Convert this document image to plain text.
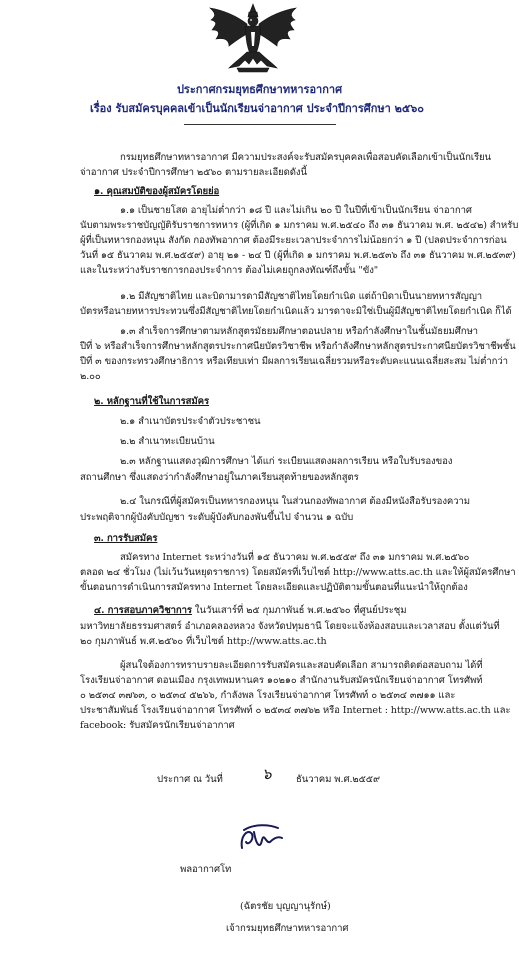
ประกาศกรมยุทธศึกษาทหารอากาศ
เรื่อง รับสมัครบุคคลเข้าเป็นนักเรียนจ่าอากาศ ประจำปีการศึกษา ๒๕๖๐
กรมยุทธศึกษาทหารอากาศ มีความประสงค์จะรับสมัครบุคคลเพื่อสอบคัดเลือกเข้าเป็นนักเรียน
จ่าอากาศ ประจำปีการศึกษา ๒๕๖๐ ตามรายละเอียดดังนี้
๑. คุณสมบัติของผู้สมัครโดยย่อ
๑.๑ เป็นชายโสด อายุไม่ต่ำกว่า ๑๘ ปี และไม่เกิน ๒๐ ปี ในปีที่เข้าเป็นนักเรียน จ่าอากาศ
นับตามพระราชบัญญัติรับราชการทหาร (ผู้ที่เกิด ๑ มกราคม พ.ศ.๒๕๔๐ ถึง ๓๑ ธันวาคม พ.ศ. ๒๕๔๒) สำหรับ
ผู้ที่เป็นทหารกองหนุน สังกัด กองทัพอากาศ ต้องมีระยะเวลาประจำการไม่น้อยกว่า ๑ ปี (ปลดประจำการก่อน
วันที่ ๑๕ ธันวาคม พ.ศ.๒๕๕๙) อายุ ๒๑ - ๒๔ ปี (ผู้ที่เกิด ๑ มกราคม พ.ศ.๒๕๓๖ ถึง ๓๑ ธันวาคม พ.ศ.๒๕๓๙)
และในระหว่างรับราชการกองประจำการ ต้องไม่เคยถูกลงทัณฑ์ถึงขั้น "ขัง"
๑.๒ มีสัญชาติไทย และบิดามารดามีสัญชาติไทยโดยกำเนิด แต่ถ้าบิดาเป็นนายทหารสัญญา
บัตรหรือนายทหารประทวนซึ่งมีสัญชาติไทยโดยกำเนิดแล้ว มารดาจะมิใช่เป็นผู้มีสัญชาติไทยโดยกำเนิด ก็ได้
๑.๓ สำเร็จการศึกษาตามหลักสูตรมัธยมศึกษาตอนปลาย หรือกำลังศึกษาในชั้นมัธยมศึกษา
ปีที่ ๖ หรือสำเร็จการศึกษาหลักสูตรประกาศนียบัตรวิชาชีพ หรือกำลังศึกษาหลักสูตรประกาศนียบัตรวิชาชีพชั้น
ปีที่ ๓ ของกระทรวงศึกษาธิการ หรือเทียบเท่า มีผลการเรียนเฉลี่ยรวมหรือระดับคะแนนเฉลี่ยสะสม ไม่ต่ำกว่า
๒.๐๐
๒. หลักฐานที่ใช้ในการสมัคร
๒.๑ สำเนาบัตรประจำตัวประชาชน
๒.๒ สำเนาทะเบียนบ้าน
๒.๓ หลักฐานแสดงวุฒิการศึกษา ได้แก่ ระเบียนแสดงผลการเรียน หรือใบรับรองของ
สถานศึกษา ซึ่งแสดงว่ากำลังศึกษาอยู่ในภาคเรียนสุดท้ายของหลักสูตร
๒.๔ ในกรณีที่ผู้สมัครเป็นทหารกองหนุน ในส่วนกองทัพอากาศ ต้องมีหนังสือรับรองความ
ประพฤติจากผู้บังคับบัญชา ระดับผู้บังคับกองพันขึ้นไป จำนวน ๑ ฉบับ
๓. การรับสมัคร
สมัครทาง Internet ระหว่างวันที่ ๑๕ ธันวาคม พ.ศ.๒๕๕๙ ถึง ๓๑ มกราคม พ.ศ.๒๕๖๐
ตลอด ๒๔ ชั่วโมง (ไม่เว้นวันหยุดราชการ) โดยสมัครที่เว็บไซต์ http://www.atts.ac.th และให้ผู้สมัครศึกษา
ขั้นตอนการดำเนินการสมัครทาง Internet โดยละเอียดและปฏิบัติตามขั้นตอนที่แนะนำให้ถูกต้อง
๔. การสอบภาควิชาการ ในวันเสาร์ที่ ๒๕ กุมภาพันธ์ พ.ศ.๒๕๖๐ ที่ศูนย์ประชุม
มหาวิทยาลัยธรรมศาสตร์ อำเภอคลองหลวง จังหวัดปทุมธานี โดยจะแจ้งห้องสอบและเวลาสอบ ตั้งแต่วันที่
๒๐ กุมภาพันธ์ พ.ศ.๒๕๖๐ ที่เว็บไซต์ http://www.atts.ac.th
ผู้สนใจต้องการทราบรายละเอียดการรับสมัครและสอบคัดเลือก สามารถติดต่อสอบถาม ได้ที่
โรงเรียนจ่าอากาศ ดอนเมือง กรุงเทพมหานคร ๑๐๒๑๐ สำนักงานรับสมัครนักเรียนจ่าอากาศ โทรศัพท์
๐ ๒๕๓๔ ๓๗๖๓, ๐ ๒๕๓๔ ๕๒๖๖, กำลังพล โรงเรียนจ่าอากาศ โทรศัพท์ ๐ ๒๕๓๔ ๓๗๑๑ และ
ประชาสัมพันธ์ โรงเรียนจ่าอากาศ โทรศัพท์ ๐ ๒๕๓๔ ๓๗๖๒ หรือ Internet : http://www.atts.ac.th และ
facebook: รับสมัครนักเรียนจ่าอากาศ
ประกาศ ณ วันที่	๖	ธันวาคม พ.ศ.๒๕๕๙
พลอากาศโท
(ฉัตรชัย บุญญานุรักษ์)
เจ้ากรมยุทธศึกษาทหารอากาศ
